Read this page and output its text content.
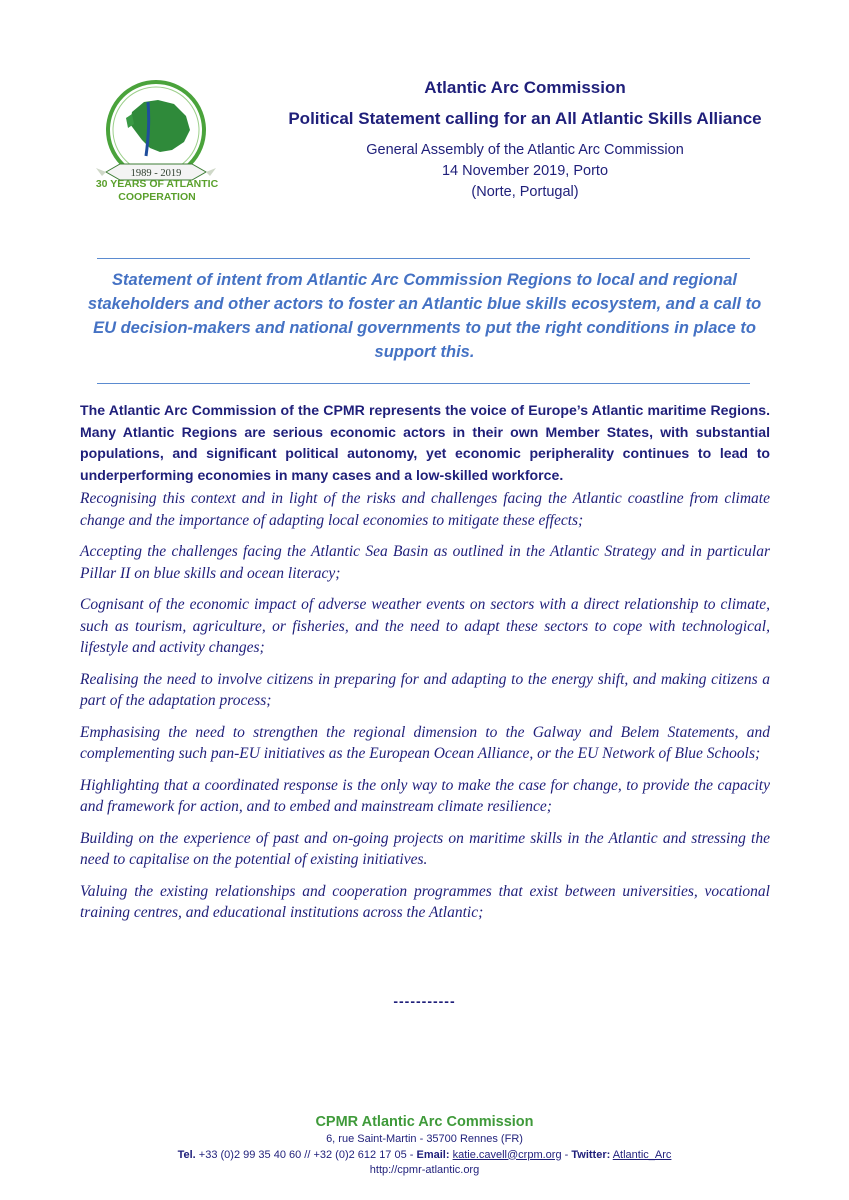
1989 - 2019
30 YEARS OF ATLANTIC
COOPERATION
Atlantic Arc Commission
Political Statement calling for an All Atlantic Skills Alliance
General Assembly of the Atlantic Arc Commission
14 November 2019, Porto
(Norte, Portugal)
Statement of intent from Atlantic Arc Commission Regions to local and regional stakeholders and other actors to foster an Atlantic blue skills ecosystem, and a call to EU decision-makers and national governments to put the right conditions in place to support this.
The Atlantic Arc Commission of the CPMR represents the voice of Europe’s Atlantic maritime Regions. Many Atlantic Regions are serious economic actors in their own Member States, with substantial populations, and significant political autonomy, yet economic peripherality continues to lead to underperforming economies in many cases and a low-skilled workforce.

Recognising this context and in light of the risks and challenges facing the Atlantic coastline from climate change and the importance of adapting local economies to mitigate these effects;

Accepting the challenges facing the Atlantic Sea Basin as outlined in the Atlantic Strategy and in particular Pillar II on blue skills and ocean literacy;

Cognisant of the economic impact of adverse weather events on sectors with a direct relationship to climate, such as tourism, agriculture, or fisheries, and the need to adapt these sectors to cope with technological, lifestyle and activity changes;

Realising the need to involve citizens in preparing for and adapting to the energy shift, and making citizens a part of the adaptation process;

Emphasising the need to strengthen the regional dimension to the Galway and Belem Statements, and complementing such pan-EU initiatives as the European Ocean Alliance, or the EU Network of Blue Schools;

Highlighting that a coordinated response is the only way to make the case for change, to provide the capacity and framework for action, and to embed and mainstream climate resilience;

Building on the experience of past and on-going projects on maritime skills in the Atlantic and stressing the need to capitalise on the potential of existing initiatives.

Valuing the existing relationships and cooperation programmes that exist between universities, vocational training centres, and educational institutions across the Atlantic;

-----------
CPMR Atlantic Arc Commission
6, rue Saint-Martin - 35700 Rennes (FR)
Tel. +33 (0)2 99 35 40 60 // +32 (0)2 612 17 05 - Email: katie.cavell@crpm.org - Twitter: Atlantic_Arc
http://cpmr-atlantic.org
